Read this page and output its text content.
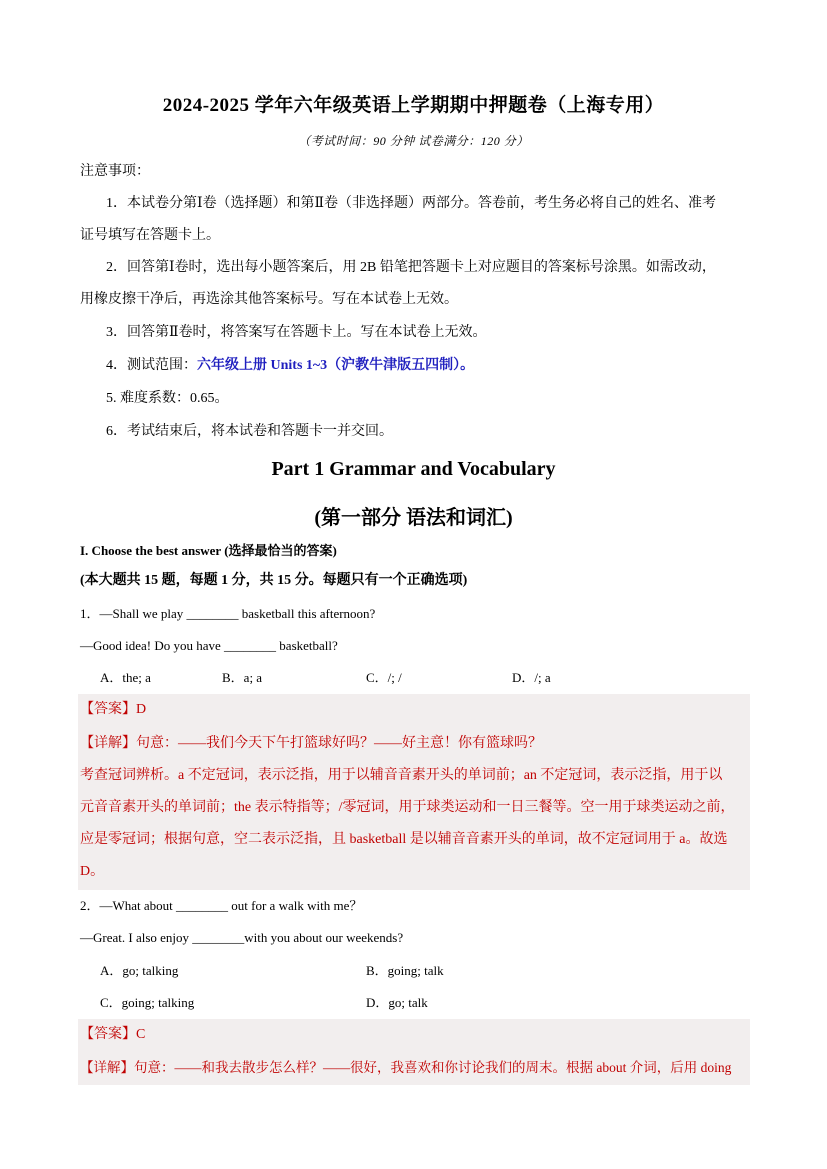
2024-2025 学年六年级英语上学期期中押题卷（上海专用）
（考试时间：90 分钟 试卷满分：120 分）
注意事项：
1．本试卷分第Ⅰ卷（选择题）和第Ⅱ卷（非选择题）两部分。答卷前，考生务必将自己的姓名、准考
证号填写在答题卡上。
2．回答第Ⅰ卷时，选出每小题答案后，用 2B 铅笔把答题卡上对应题目的答案标号涂黑。如需改动，
用橡皮擦干净后，再选涂其他答案标号。写在本试卷上无效。
3．回答第Ⅱ卷时，将答案写在答题卡上。写在本试卷上无效。
4．测试范围：六年级上册 Units 1~3（沪教牛津版五四制）。
5. 难度系数：0.65。
6．考试结束后，将本试卷和答题卡一并交回。
Part 1 Grammar and Vocabulary
(第一部分 语法和词汇)
I. Choose the best answer (选择最恰当的答案)
(本大题共 15 题，每题 1 分，共 15 分。每题只有一个正确选项)
1．—Shall we play ________ basketball this afternoon?
—Good idea! Do you have ________ basketball?
A．the; a	B．a; a	C．/; /	D．/; a
【答案】D
【详解】句意：——我们今天下午打篮球好吗？——好主意！你有篮球吗？
考查冠词辨析。a 不定冠词，表示泛指，用于以辅音音素开头的单词前；an 不定冠词，表示泛指，用于以
元音音素开头的单词前；the 表示特指等；/零冠词，用于球类运动和一日三餐等。空一用于球类运动之前，
应是零冠词；根据句意，空二表示泛指，且 basketball 是以辅音音素开头的单词，故不定冠词用于 a。故选
D。
2．—What about ________ out for a walk with me？
—Great. I also enjoy ________with you about our weekends?
A．go; talking	B．going; talk
C．going; talking	D．go; talk
【答案】C
【详解】句意：——和我去散步怎么样？——很好，我喜欢和你讨论我们的周末。根据 about 介词，后用 doing
